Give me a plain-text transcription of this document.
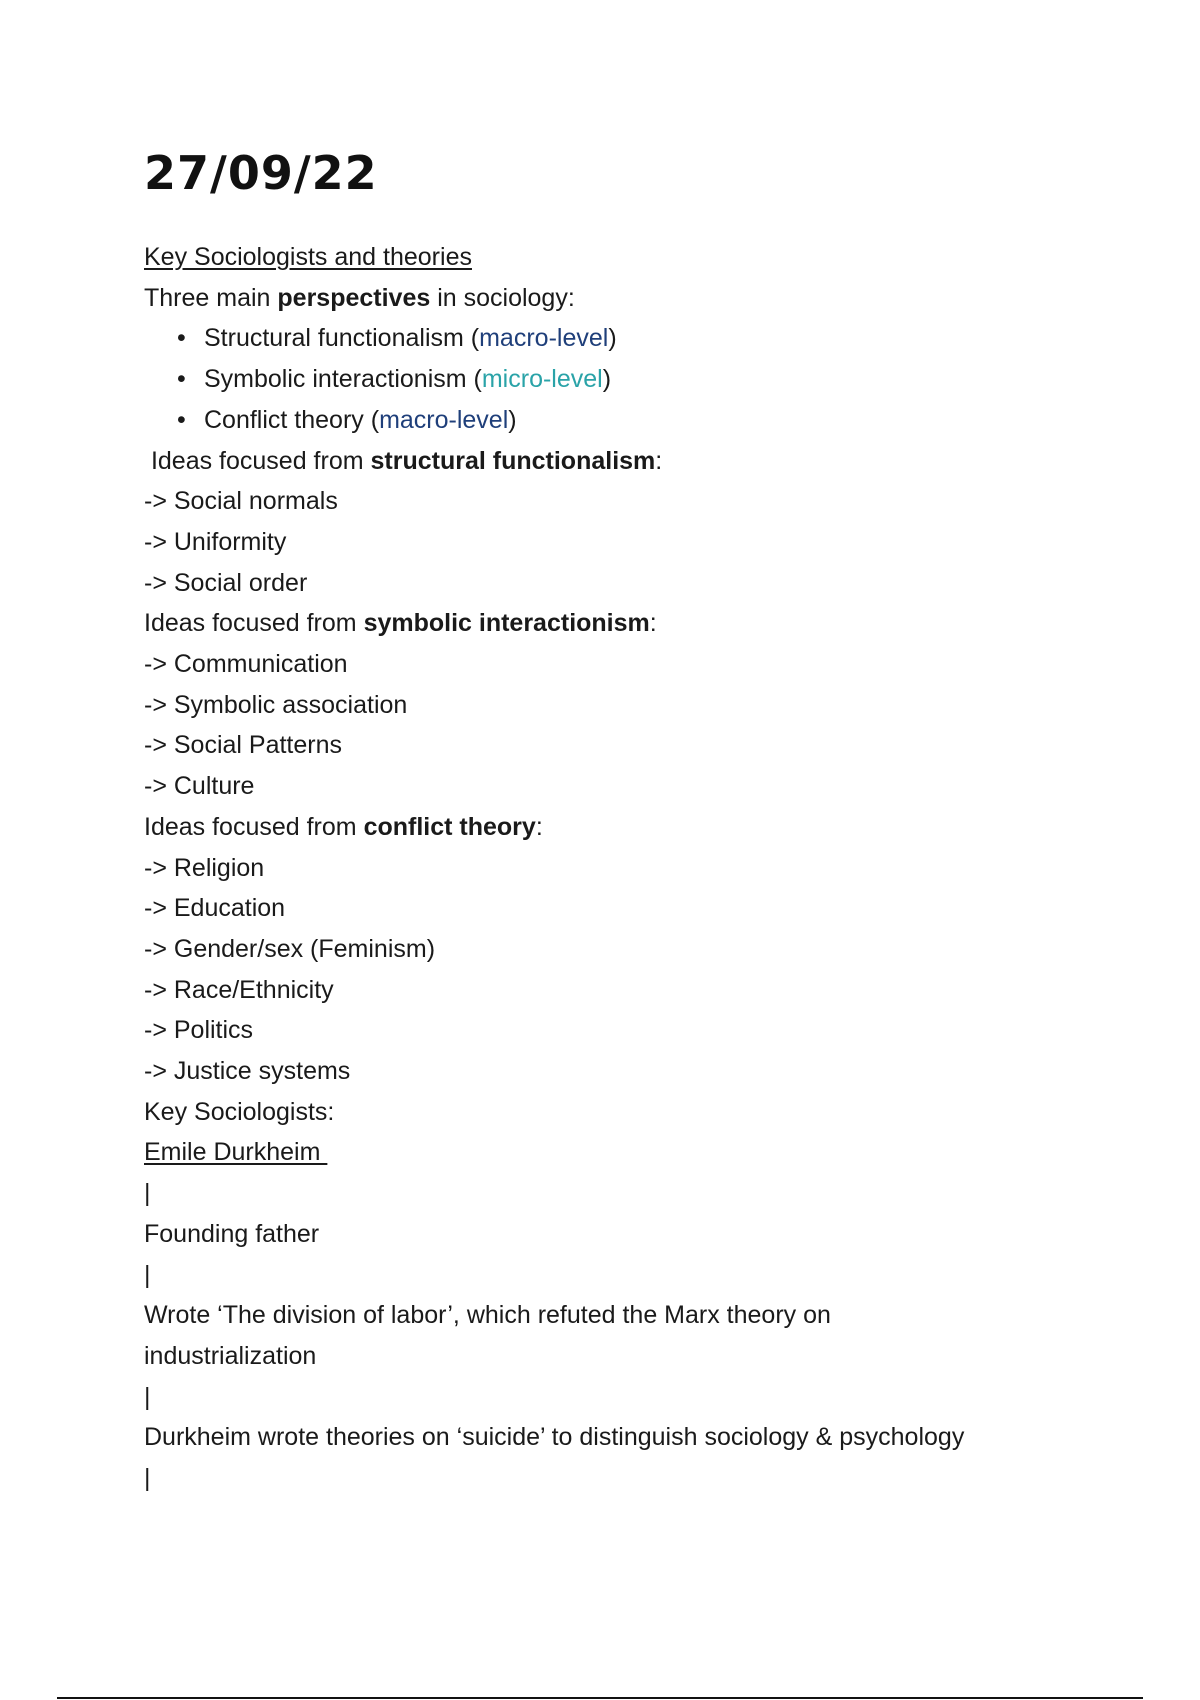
27/09/22
Key Sociologists and theories
Three main perspectives in sociology:
• Structural functionalism (macro-level)
• Symbolic interactionism (micro-level)
• Conflict theory (macro-level)
Ideas focused from structural functionalism:
-> Social normals
-> Uniformity
-> Social order
Ideas focused from symbolic interactionism:
-> Communication
-> Symbolic association
-> Social Patterns
-> Culture
Ideas focused from conflict theory:
-> Religion
-> Education
-> Gender/sex (Feminism)
-> Race/Ethnicity
-> Politics
-> Justice systems
Key Sociologists:
Emile Durkheim
|
Founding father
|
Wrote ‘The division of labor’, which refuted the Marx theory on industrialization
|
Durkheim wrote theories on ‘suicide’ to distinguish sociology & psychology
|
